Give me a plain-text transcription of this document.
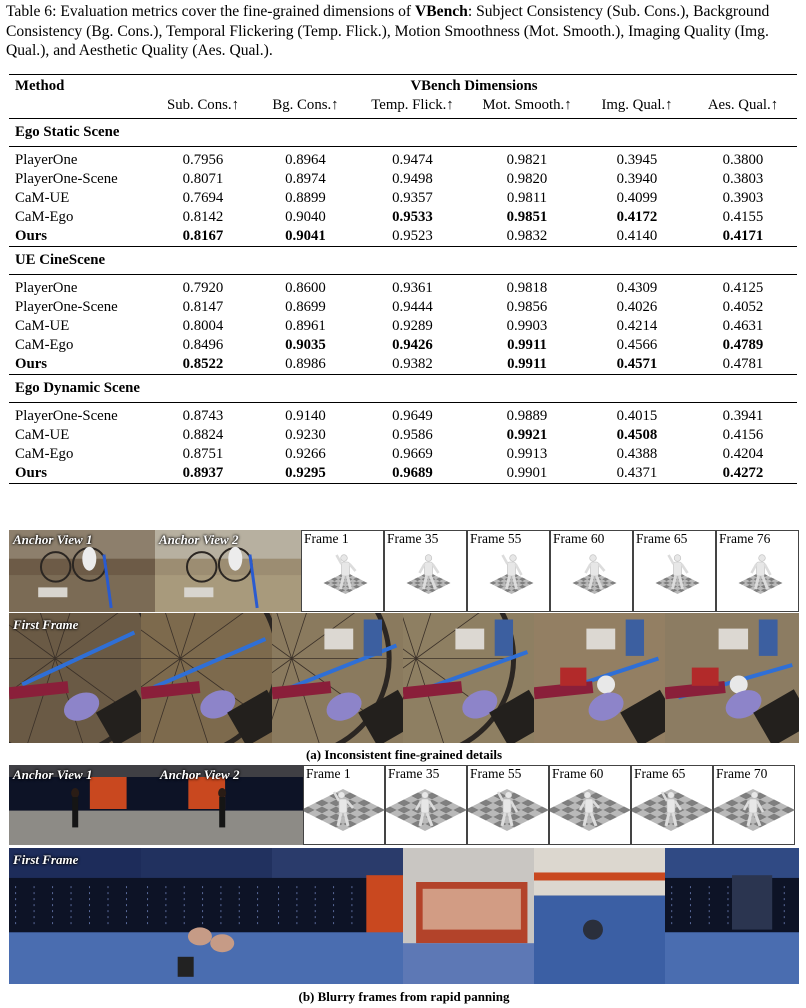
Table 6: Evaluation metrics cover the fine-grained dimensions of VBench: Subject Consistency (Sub. Cons.), Background Consistency (Bg. Cons.), Temporal Flickering (Temp. Flick.), Motion Smoothness (Mot. Smooth.), Imaging Quality (Img. Qual.), and Aesthetic Quality (Aes. Qual.).
Method	VBench Dimensions					
	Sub. Cons.↑	Bg. Cons.↑	Temp. Flick.↑	Mot. Smooth.↑	Img. Qual.↑	Aes. Qual.↑
Ego Static Scene						
PlayerOne	0.7956	0.8964	0.9474	0.9821	0.3945	0.3800
PlayerOne-Scene	0.8071	0.8974	0.9498	0.9820	0.3940	0.3803
CaM-UE	0.7694	0.8899	0.9357	0.9811	0.4099	0.3903
CaM-Ego	0.8142	0.9040	0.9533	0.9851	0.4172	0.4155
Ours	0.8167	0.9041	0.9523	0.9832	0.4140	0.4171
UE CineScene						
PlayerOne	0.7920	0.8600	0.9361	0.9818	0.4309	0.4125
PlayerOne-Scene	0.8147	0.8699	0.9444	0.9856	0.4026	0.4052
CaM-UE	0.8004	0.8961	0.9289	0.9903	0.4214	0.4631
CaM-Ego	0.8496	0.9035	0.9426	0.9911	0.4566	0.4789
Ours	0.8522	0.8986	0.9382	0.9911	0.4571	0.4781
Ego Dynamic Scene						
PlayerOne-Scene	0.8743	0.9140	0.9649	0.9889	0.4015	0.3941
CaM-UE	0.8824	0.9230	0.9586	0.9921	0.4508	0.4156
CaM-Ego	0.8751	0.9266	0.9669	0.9913	0.4388	0.4204
Ours	0.8937	0.9295	0.9689	0.9901	0.4371	0.4272
Anchor View 1	Anchor View 2	Frame 1	Frame 35 Frame 55 Frame 60 Frame 65 Frame 76
First Frame
(a) Inconsistent fine-grained details
Anchor View 1	Anchor View 2	Frame 1	Frame 35 Frame 55 Frame 60 Frame 65 Frame 70
First Frame
(b) Blurry frames from rapid panning
